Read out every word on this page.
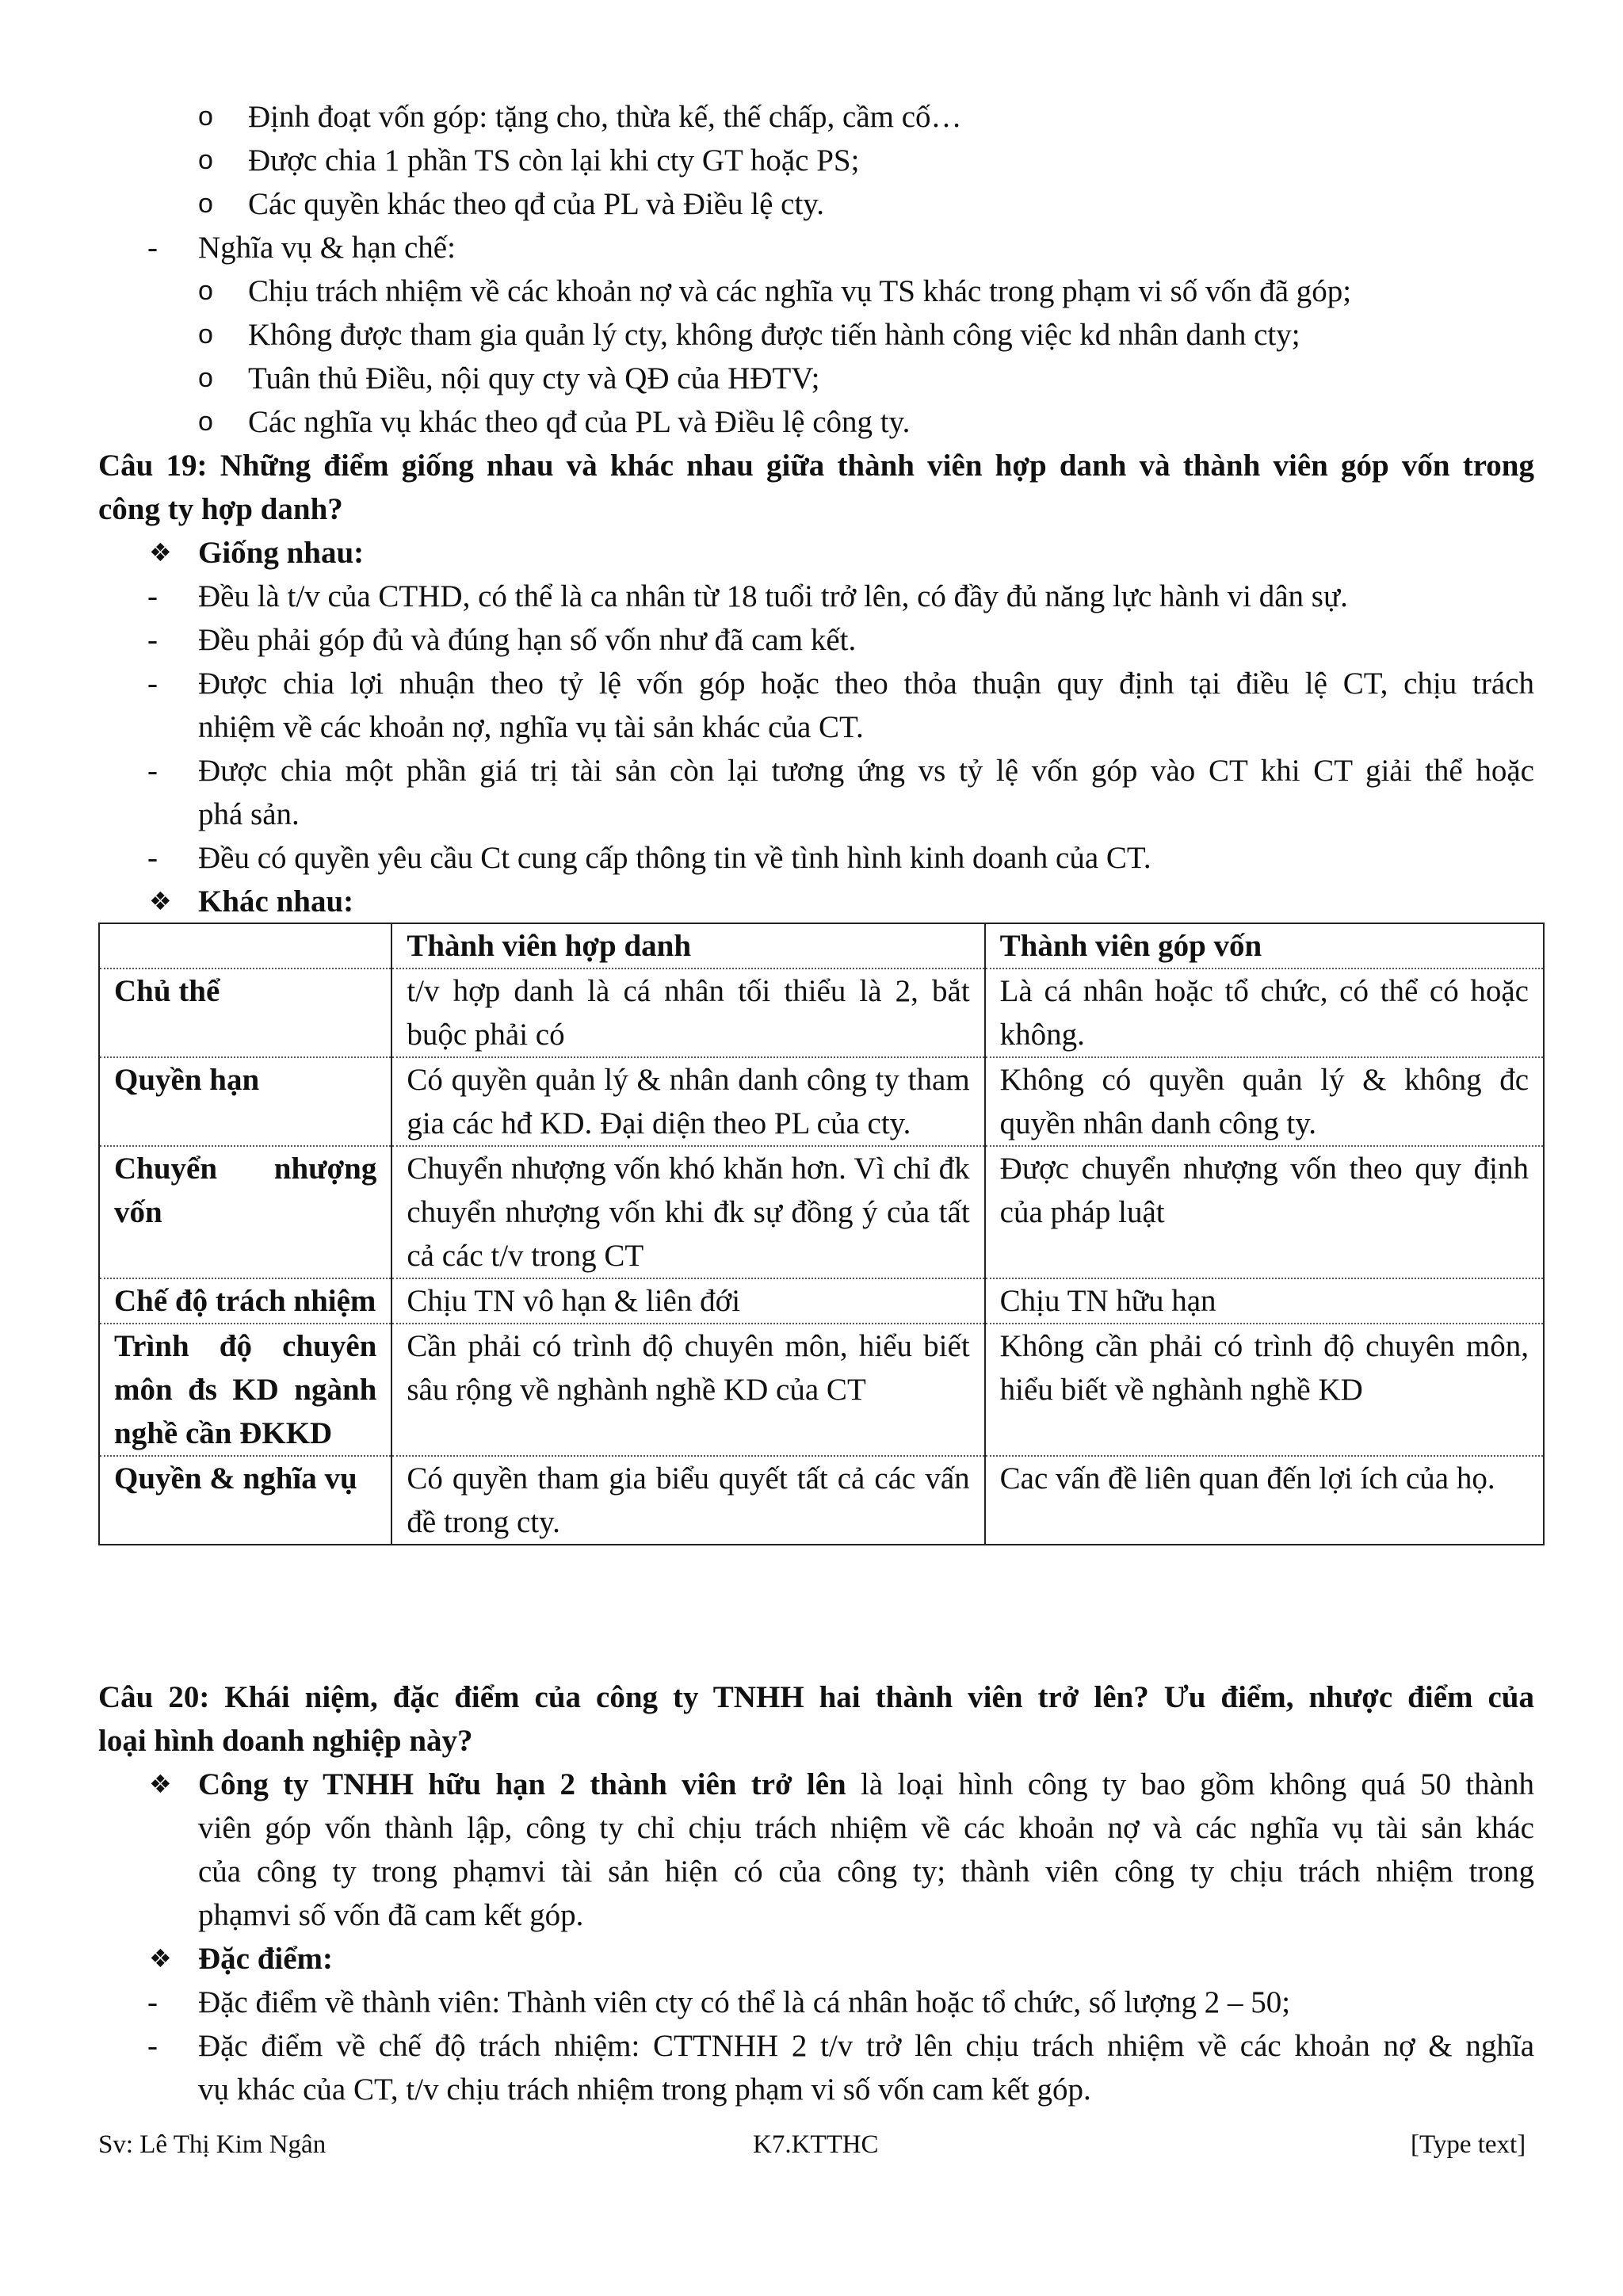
o Định đoạt vốn góp: tặng cho, thừa kế, thế chấp, cầm cố…
o Được chia 1 phần TS còn lại khi cty GT hoặc PS;
o Các quyền khác theo qđ của PL và Điều lệ cty.
- Nghĩa vụ & hạn chế:
o Chịu trách nhiệm về các khoản nợ và các nghĩa vụ TS khác trong phạm vi số vốn đã góp;
o Không được tham gia quản lý cty, không được tiến hành công việc kd nhân danh cty;
o Tuân thủ Điều, nội quy cty và QĐ của HĐTV;
o Các nghĩa vụ khác theo qđ của PL và Điều lệ công ty.
Câu 19: Những điểm giống nhau và khác nhau giữa thành viên hợp danh và thành viên góp vốn trong
công ty hợp danh?
❖ Giống nhau:
- Đều là t/v của CTHD, có thể là ca nhân từ 18 tuổi trở lên, có đầy đủ năng lực hành vi dân sự.
- Đều phải góp đủ và đúng hạn số vốn như đã cam kết.
- Được chia lợi nhuận theo tỷ lệ vốn góp hoặc theo thỏa thuận quy định tại điều lệ CT, chịu trách
nhiệm về các khoản nợ, nghĩa vụ tài sản khác của CT.
- Được chia một phần giá trị tài sản còn lại tương ứng vs tỷ lệ vốn góp vào CT khi CT giải thể hoặc
phá sản.
- Đều có quyền yêu cầu Ct cung cấp thông tin về tình hình kinh doanh của CT.
❖ Khác nhau:
	Thành viên hợp danh	Thành viên góp vốn
Chủ thể	t/v hợp danh là cá nhân tối thiểu là 2, bắt buộc phải có	Là cá nhân hoặc tổ chức, có thể có hoặc không.

Quyền hạn	Có quyền quản lý & nhân danh công ty tham gia các hđ KD. Đại diện theo PL của cty.	Không có quyền quản lý & không đc quyền nhân danh công ty.

Chuyển nhượng vốn	Chuyển nhượng vốn khó khăn hơn. Vì chỉ đk chuyển nhượng vốn khi đk sự đồng ý của tất cả các t/v trong CT	Được chuyển nhượng vốn theo quy định của pháp luật

Chế độ trách nhiệm	Chịu TN vô hạn & liên đới	Chịu TN hữu hạn

Trình độ chuyên môn đs KD ngành nghề cần ĐKKD	Cần phải có trình độ chuyên môn, hiểu biết sâu rộng về nghành nghề KD của CT	Không cần phải có trình độ chuyên môn, hiểu biết về nghành nghề KD

Quyền & nghĩa vụ	Có quyền tham gia biểu quyết tất cả các vấn đề trong cty.	Cac vấn đề liên quan đến lợi ích của họ.
Câu 20: Khái niệm, đặc điểm của công ty TNHH hai thành viên trở lên? Ưu điểm, nhược điểm của
loại hình doanh nghiệp này?
❖ Công ty TNHH hữu hạn 2 thành viên trở lên là loại hình công ty bao gồm không quá 50 thành
viên góp vốn thành lập, công ty chỉ chịu trách nhiệm về các khoản nợ và các nghĩa vụ tài sản khác
của công ty trong phạmvi tài sản hiện có của công ty; thành viên công ty chịu trách nhiệm trong
phạmvi số vốn đã cam kết góp.
❖ Đặc điểm:
- Đặc điểm về thành viên: Thành viên cty có thể là cá nhân hoặc tổ chức, số lượng 2 – 50;
- Đặc điểm về chế độ trách nhiệm: CTTNHH 2 t/v trở lên chịu trách nhiệm về các khoản nợ & nghĩa
vụ khác của CT, t/v chịu trách nhiệm trong phạm vi số vốn cam kết góp.
Sv: Lê Thị Kim Ngân	K7.KTTHC	[Type text]
